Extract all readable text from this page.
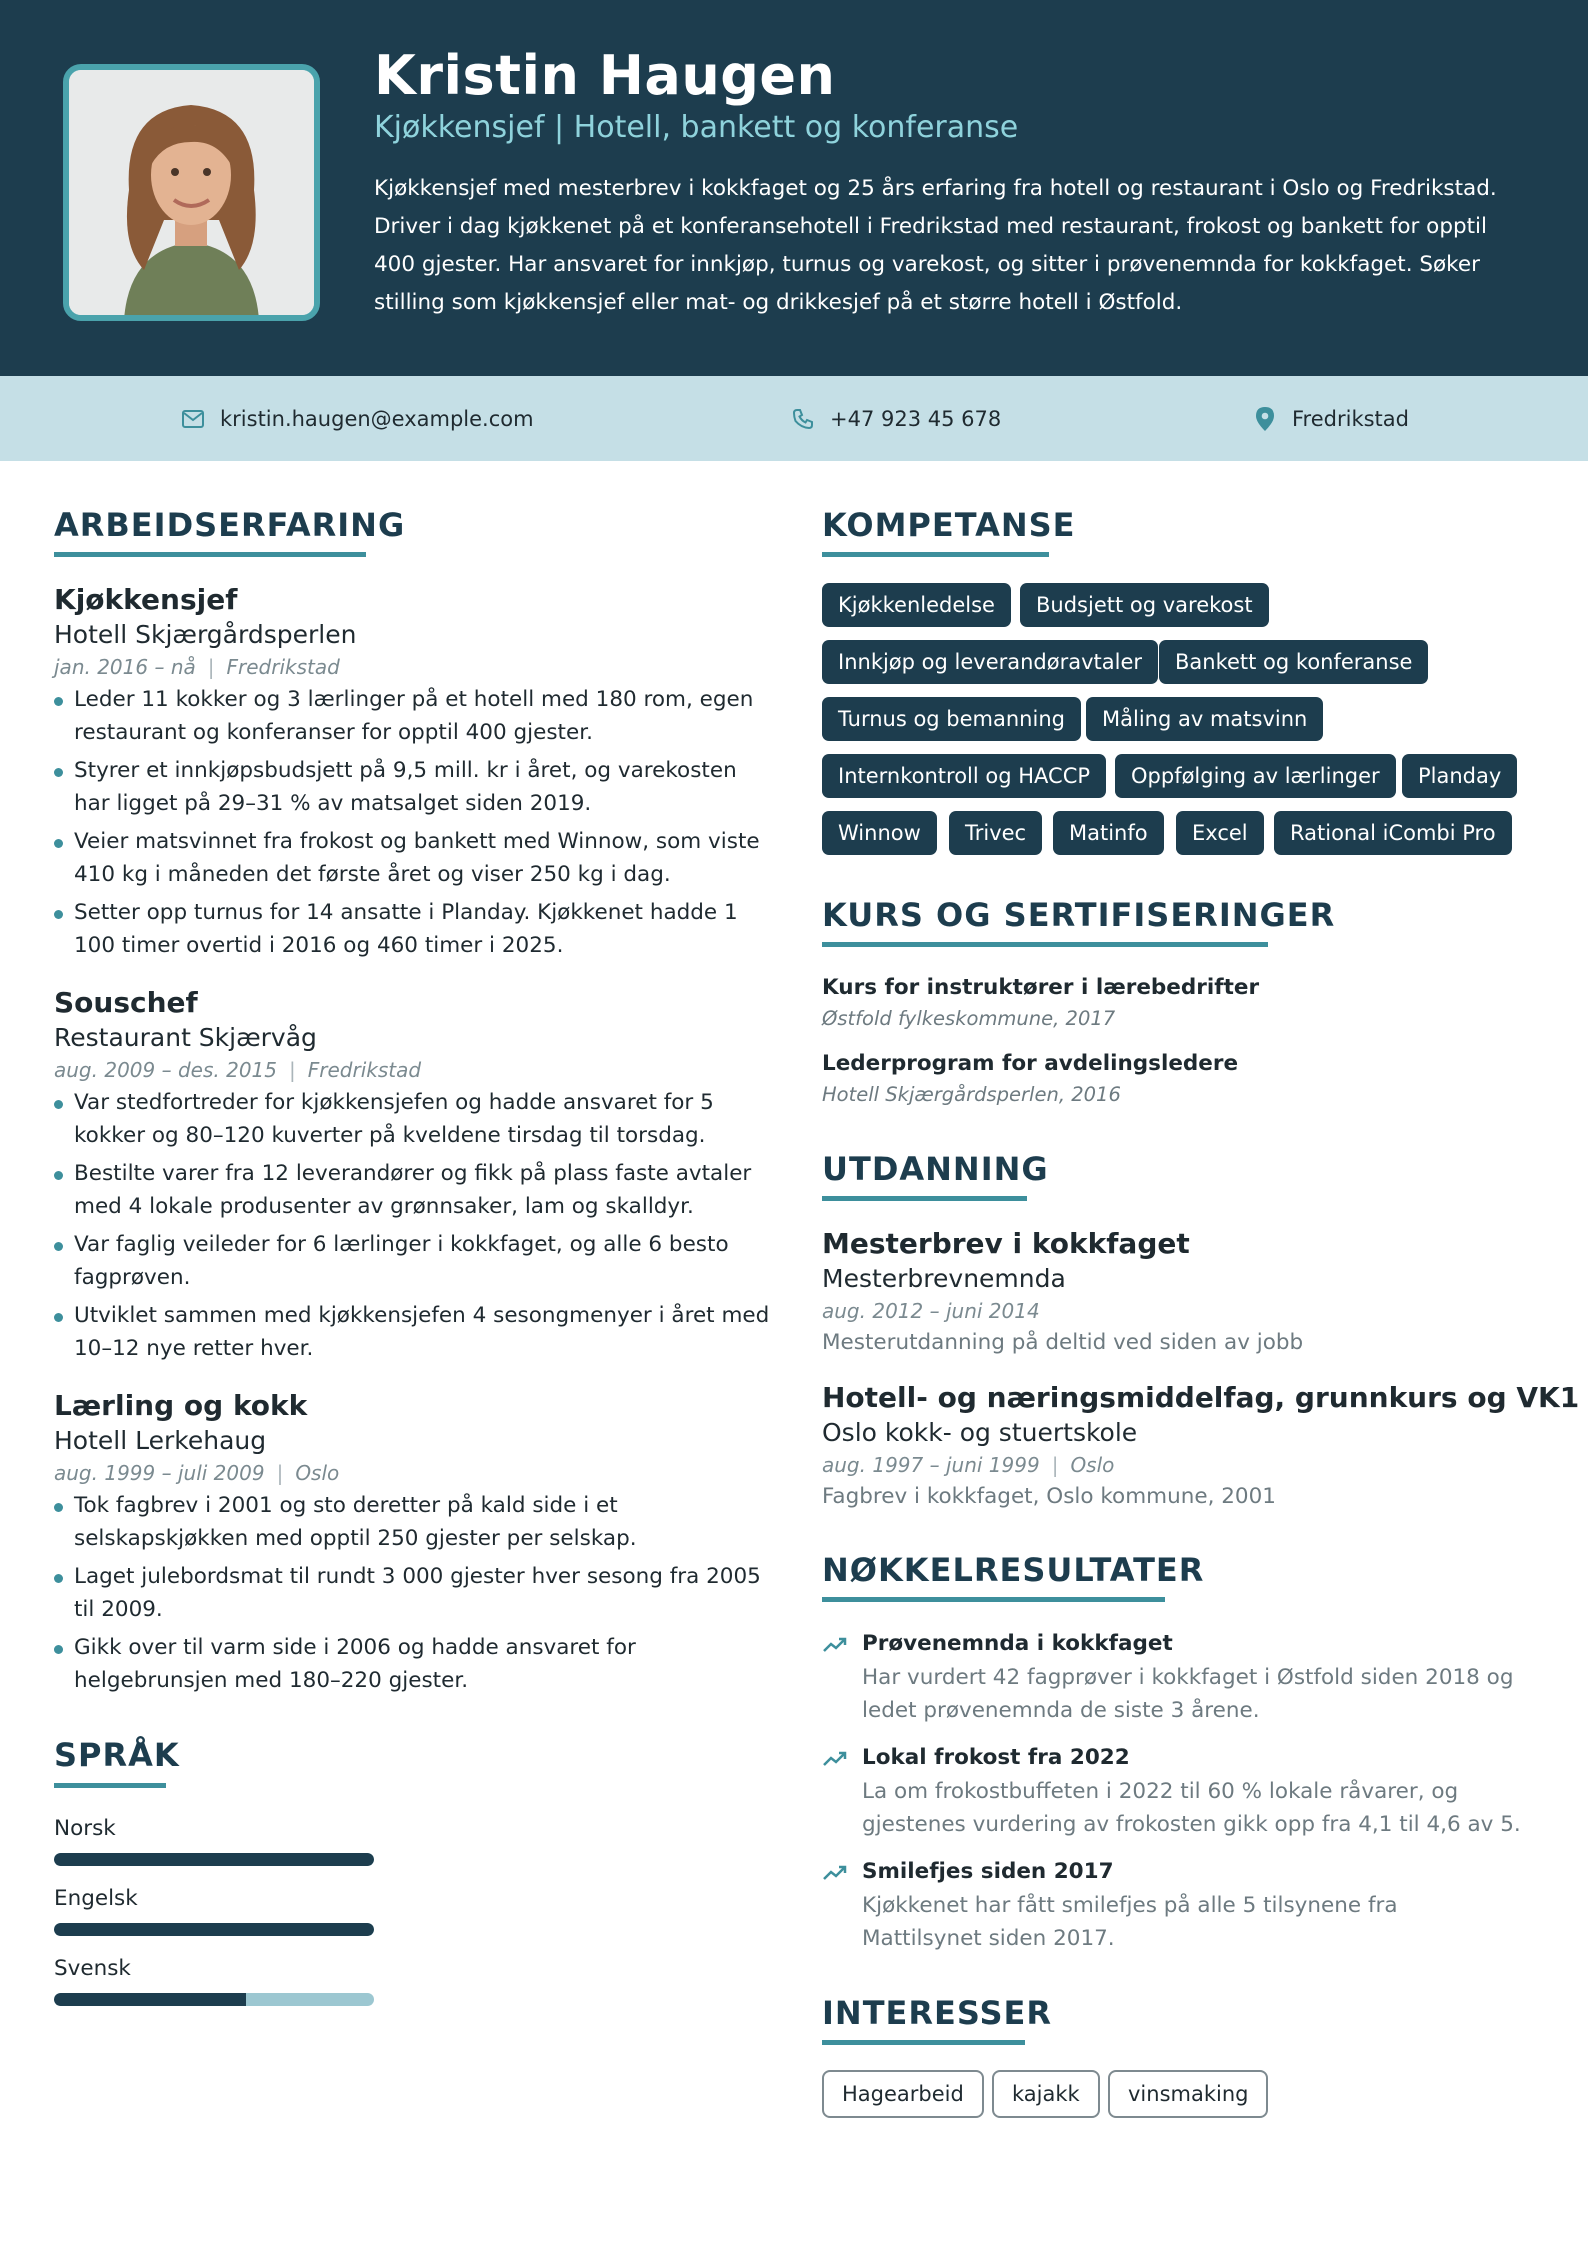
Kristin Haugen
Kjøkkensjef | Hotell, bankett og konferanse
Kjøkkensjef med mesterbrev i kokkfaget og 25 års erfaring fra hotell og restaurant i Oslo og Fredrikstad. Driver i dag kjøkkenet på et konferansehotell i Fredrikstad med restaurant, frokost og bankett for opptil 400 gjester. Har ansvaret for innkjøp, turnus og varekost, og sitter i prøvenemnda for kokkfaget. Søker stilling som kjøkkensjef eller mat- og drikkesjef på et større hotell i Østfold.
kristin.haugen@example.com	+47 923 45 678	Fredrikstad
ARBEIDSERFARING
Kjøkkensjef
Hotell Skjærgårdsperlen
jan. 2016 – nå | Fredrikstad
Leder 11 kokker og 3 lærlinger på et hotell med 180 rom, egen restaurant og konferanser for opptil 400 gjester.
Styrer et innkjøpsbudsjett på 9,5 mill. kr i året, og varekosten har ligget på 29–31 % av matsalget siden 2019.
Veier matsvinnet fra frokost og bankett med Winnow, som viste 410 kg i måneden det første året og viser 250 kg i dag.
Setter opp turnus for 14 ansatte i Planday. Kjøkkenet hadde 1 100 timer overtid i 2016 og 460 timer i 2025.
Souschef
Restaurant Skjærvåg
aug. 2009 – des. 2015 | Fredrikstad
Var stedfortreder for kjøkkensjefen og hadde ansvaret for 5 kokker og 80–120 kuverter på kveldene tirsdag til torsdag.
Bestilte varer fra 12 leverandører og fikk på plass faste avtaler med 4 lokale produsenter av grønnsaker, lam og skalldyr.
Var faglig veileder for 6 lærlinger i kokkfaget, og alle 6 besto fagprøven.
Utviklet sammen med kjøkkensjefen 4 sesongmenyer i året med 10–12 nye retter hver.
Lærling og kokk
Hotell Lerkehaug
aug. 1999 – juli 2009 | Oslo
Tok fagbrev i 2001 og sto deretter på kald side i et selskapskjøkken med opptil 250 gjester per selskap.
Laget julebordsmat til rundt 3 000 gjester hver sesong fra 2005 til 2009.
Gikk over til varm side i 2006 og hadde ansvaret for helgebrunsjen med 180–220 gjester.
SPRÅK
Norsk
Engelsk
Svensk
KOMPETANSE
Kjøkkenledelse	Budsjett og varekost
Innkjøp og leverandøravtaler	Bankett og konferanse
Turnus og bemanning	Måling av matsvinn
Internkontroll og HACCP	Oppfølging av lærlinger	Planday
Winnow	Trivec	Matinfo	Excel	Rational iCombi Pro
KURS OG SERTIFISERINGER
Kurs for instruktører i lærebedrifter
Østfold fylkeskommune, 2017
Lederprogram for avdelingsledere
Hotell Skjærgårdsperlen, 2016
UTDANNING
Mesterbrev i kokkfaget
Mesterbrevnemnda
aug. 2012 – juni 2014
Mesterutdanning på deltid ved siden av jobb
Hotell- og næringsmiddelfag, grunnkurs og VK1
Oslo kokk- og stuertskole
aug. 1997 – juni 1999 | Oslo
Fagbrev i kokkfaget, Oslo kommune, 2001
NØKKELRESULTATER
Prøvenemnda i kokkfaget
Har vurdert 42 fagprøver i kokkfaget i Østfold siden 2018 og ledet prøvenemnda de siste 3 årene.
Lokal frokost fra 2022
La om frokostbuffeten i 2022 til 60 % lokale råvarer, og gjestenes vurdering av frokosten gikk opp fra 4,1 til 4,6 av 5.
Smilefjes siden 2017
Kjøkkenet har fått smilefjes på alle 5 tilsynene fra Mattilsynet siden 2017.
INTERESSER
Hagearbeid	kajakk	vinsmaking
